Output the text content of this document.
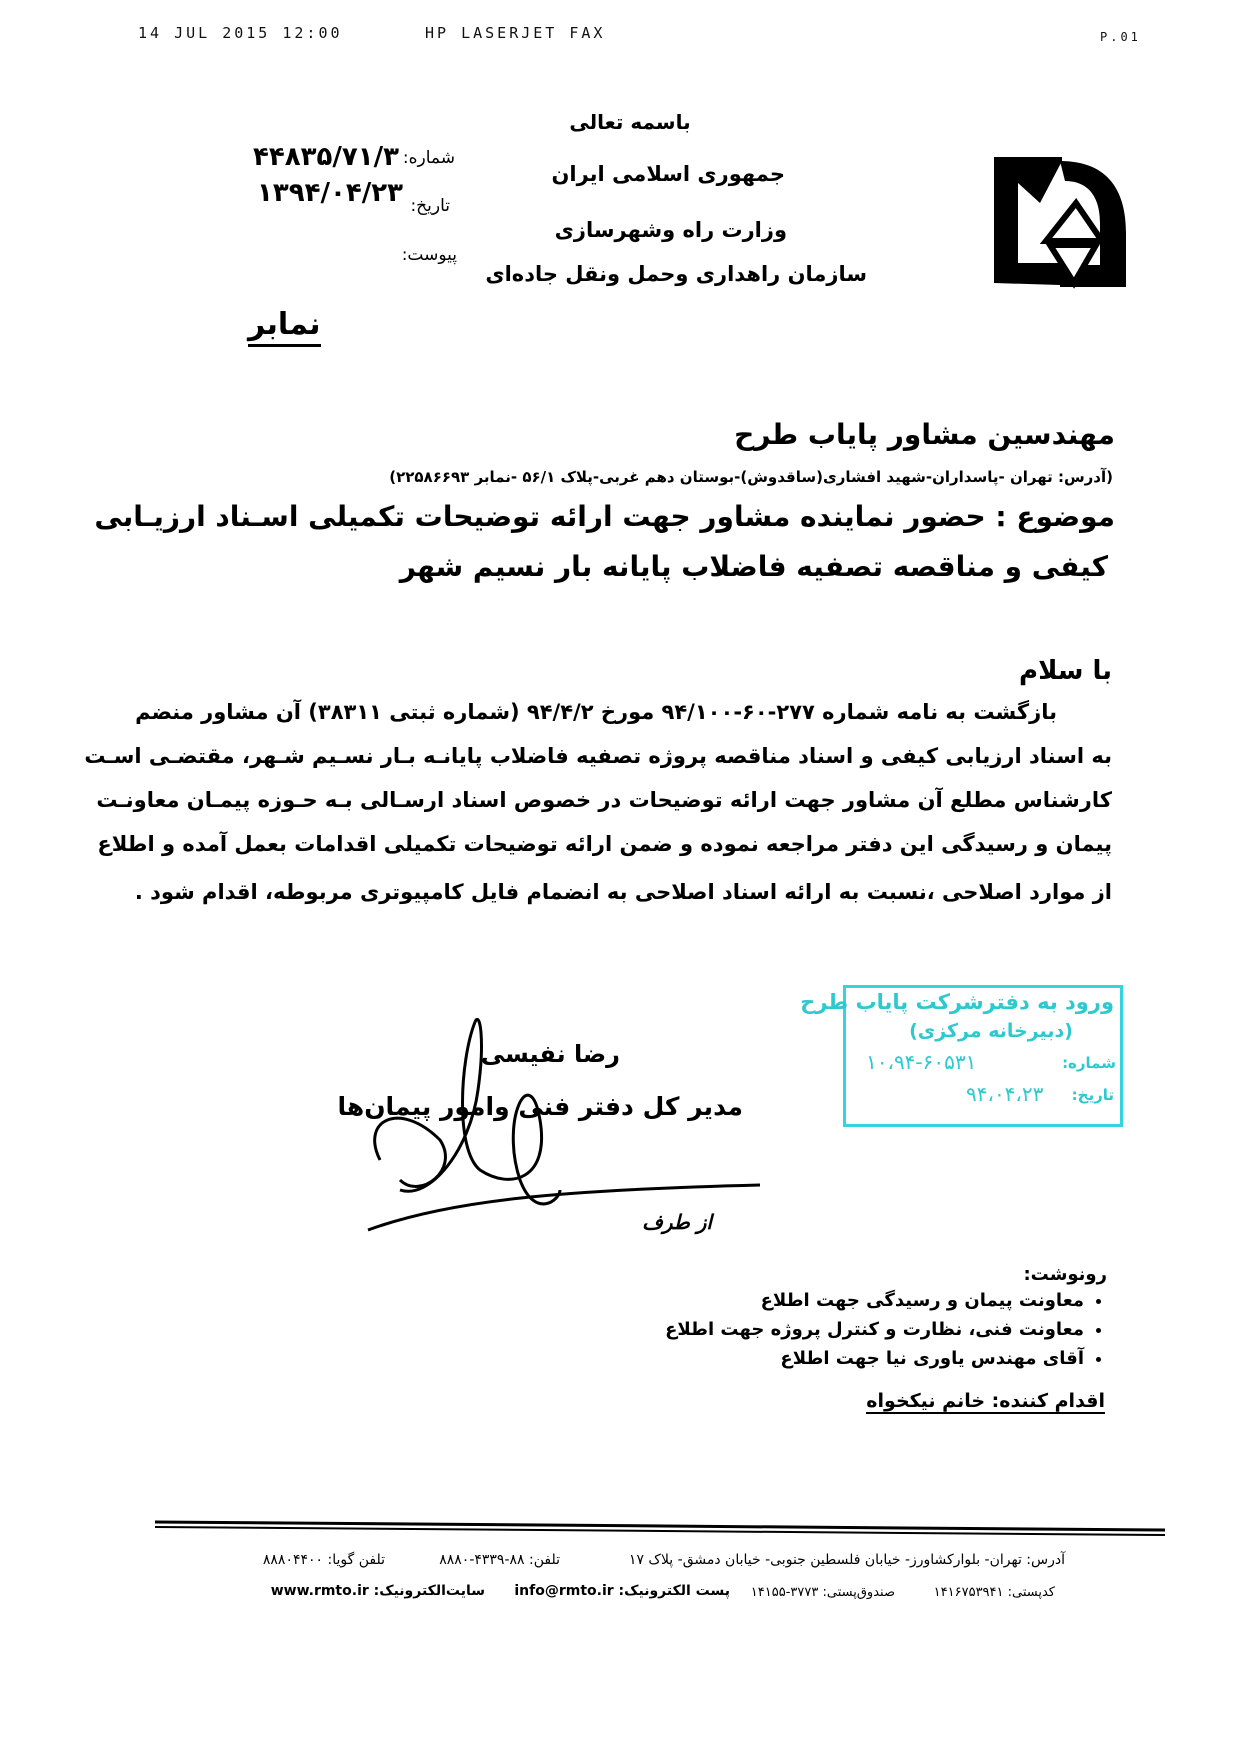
14 JUL 2015 12:00	HP LASERJET FAX	P.01
باسمه تعالی
جمهوری اسلامی ایران
وزارت راه وشهرسازی
سازمان راهداری وحمل ونقل جاده‌ای
شماره:
۴۴۸۳۵/۷۱/۳
تاریخ:
۱۳۹۴/۰۴/۲۳
پیوست:
نمابر
مهندسین مشاور پایاب طرح
(آدرس: تهران -پاسداران-شهید افشاری(ساقدوش)-بوستان دهم غربی-پلاک ۵۶/۱ -نمابر ۲۲۵۸۶۶۹۳)
موضوع : حضور نماینده مشاور جهت ارائه توضیحات تکمیلی اسـناد ارزیـابی
کیفی و مناقصه تصفیه فاضلاب پایانه بار نسیم شهر
با سلام
بازگشت به نامه شماره ۲۷۷-۶۰-۹۴/۱۰۰ مورخ ۹۴/۴/۲ (شماره ثبتی ۳۸۳۱۱) آن مشاور منضم
به اسناد ارزیابی کیفی و اسناد مناقصه پروژه تصفیه فاضلاب پایانـه بـار نسـیم شـهر، مقتضـی اسـت
کارشناس مطلع آن مشاور جهت ارائه توضیحات در خصوص اسناد ارسـالی بـه حـوزه پیمـان معاونـت
پیمان و رسیدگی این دفتر مراجعه نموده و ضمن ارائه توضیحات تکمیلی اقدامات بعمل آمده و اطلاع
از موارد اصلاحی ،نسبت به ارائه اسناد اصلاحی به انضمام فایل کامپیوتری مربوطه، اقدام شود .
ورود به دفترشرکت پایاب طرح
(دبیرخانه مرکزی)
شماره:
۱۰،۹۴-۶۰۵۳۱
تاریخ:
۹۴،۰۴،۲۳
رضا نفیسی
مدیر کل دفتر فنی وامور پیمان‌ها
از طرف
رونوشت:
• معاونت پیمان و رسیدگی جهت اطلاع
• معاونت فنی، نظارت و کنترل پروژه جهت اطلاع
• آقای مهندس یاوری نیا جهت اطلاع
اقدام کننده: خانم نیکخواه
آدرس: تهران- بلوارکشاورز- خیابان فلسطین جنوبی- خیابان دمشق- پلاک ۱۷
تلفن: ۸۸-۴۳۳۹-۸۸۸۰
تلفن گویا: ۸۸۸۰۴۴۰۰
کدپستی: ۱۴۱۶۷۵۳۹۴۱
صندوق‌پستی: ۳۷۷۳-۱۴۱۵۵
پست الکترونیک: info@rmto.ir
سایت‌الکترونیک: www.rmto.ir
